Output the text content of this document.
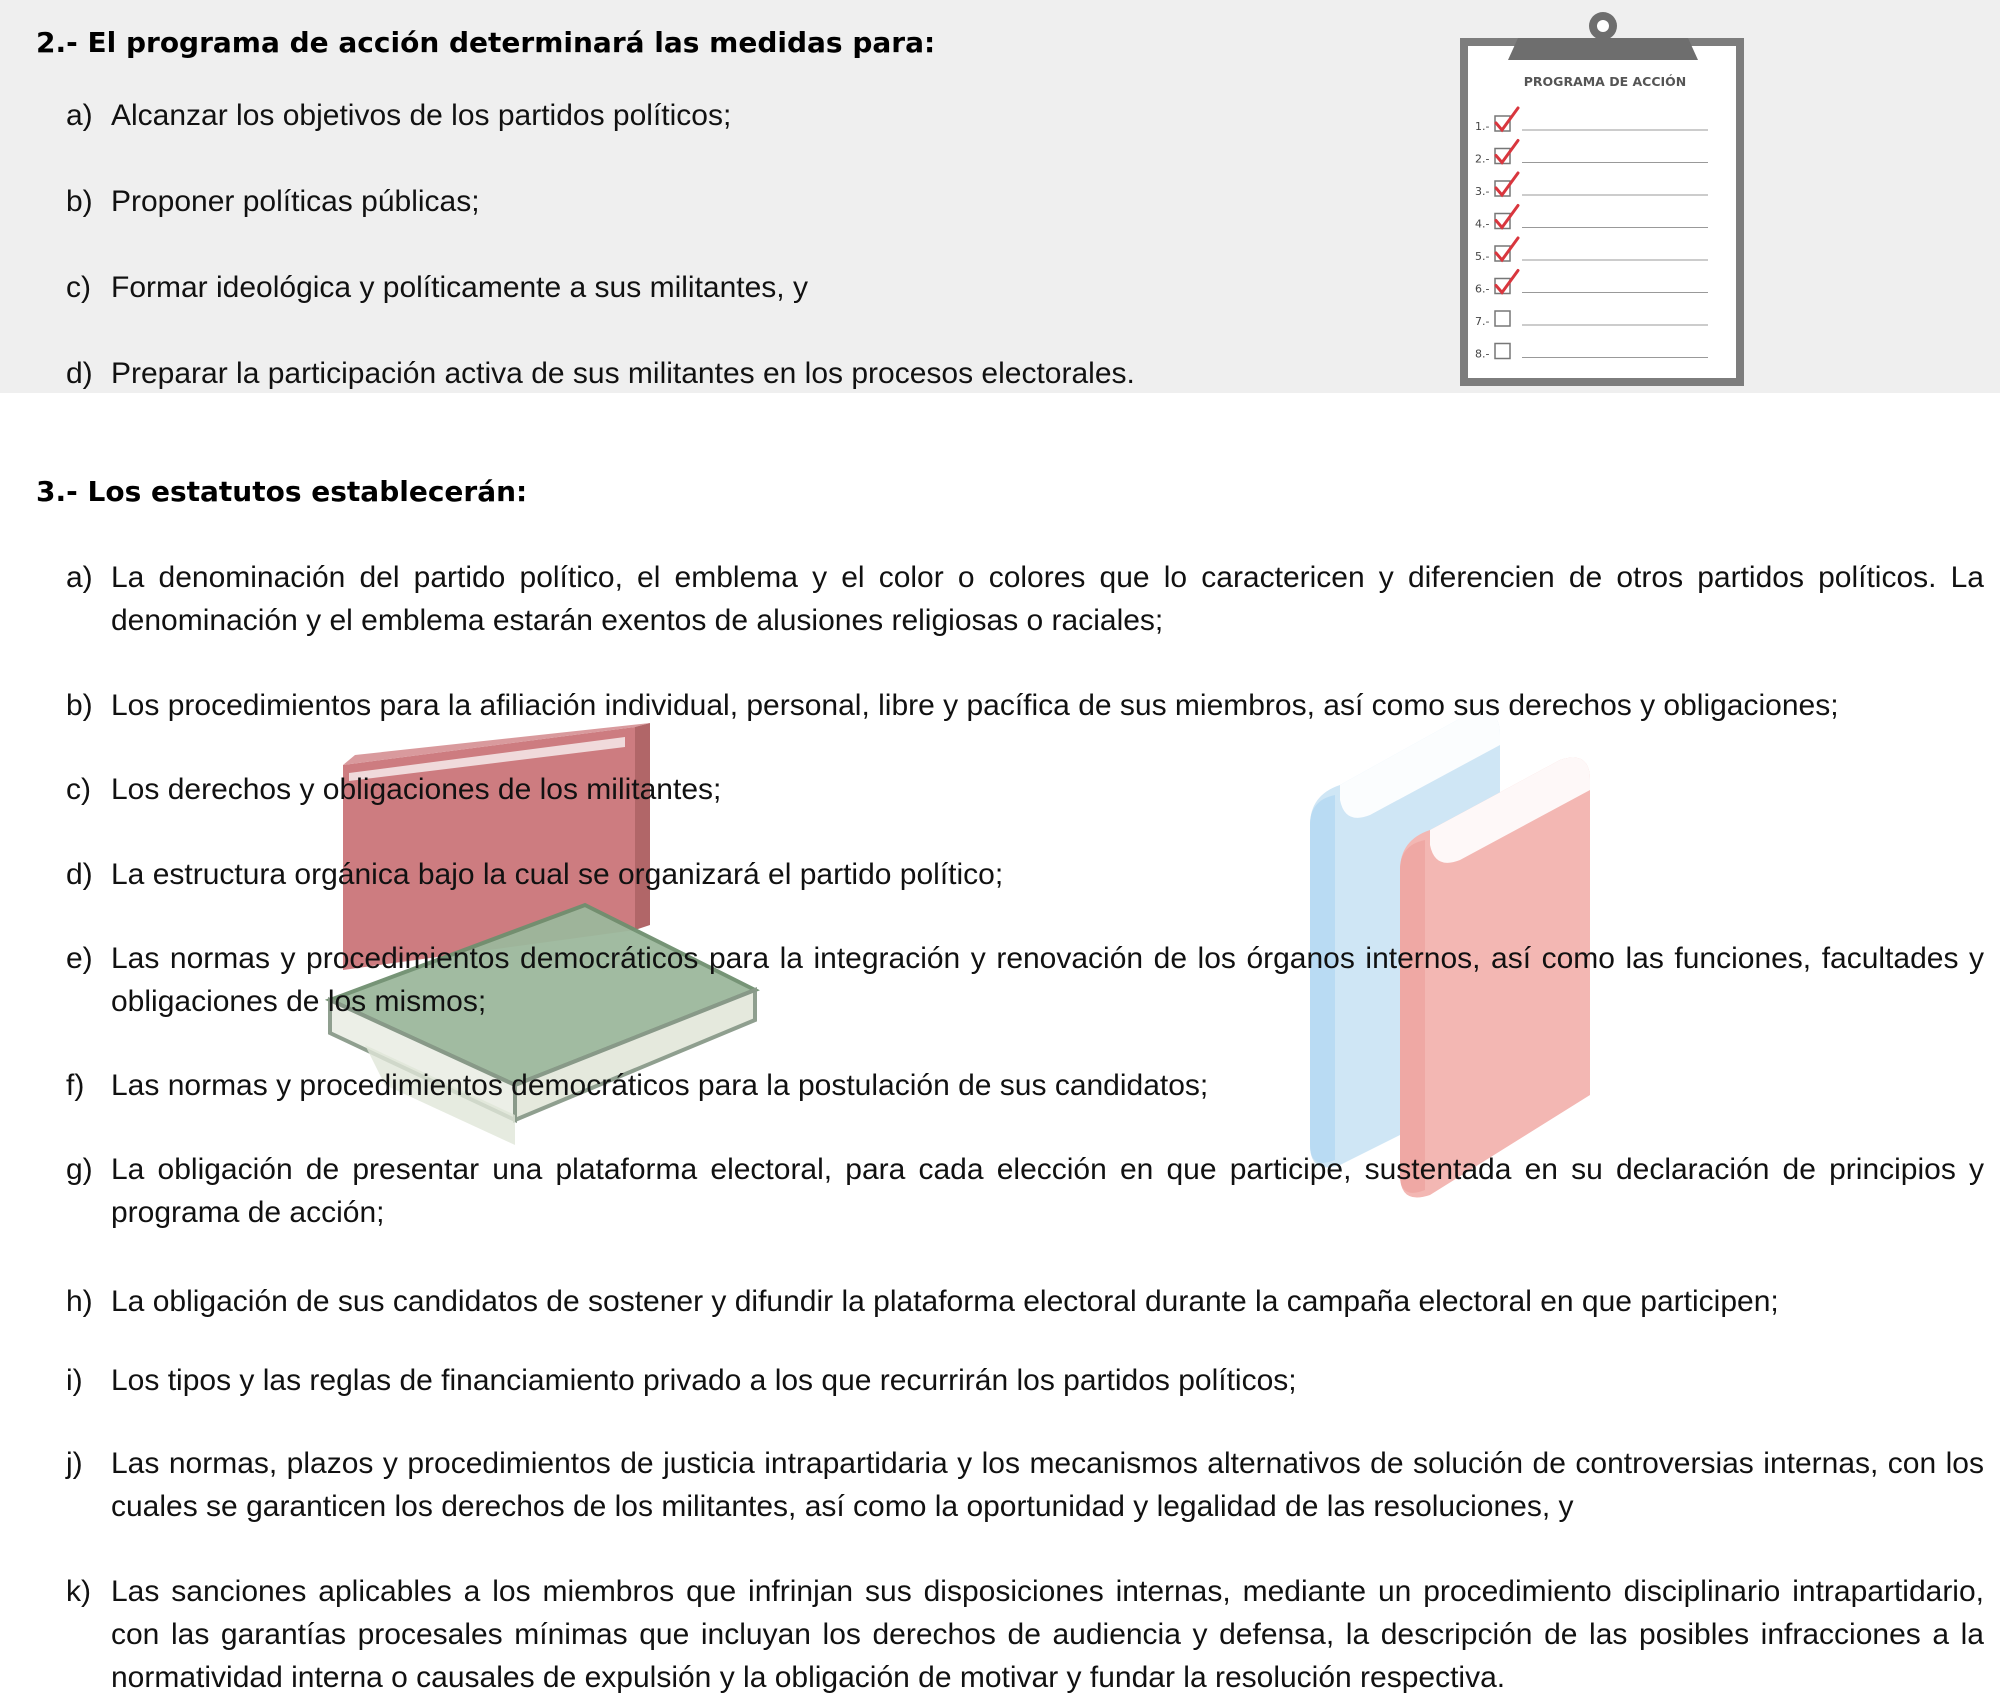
2.- El programa de acción determinará las medidas para:
a) Alcanzar los objetivos de los partidos políticos;
b) Proponer políticas públicas;
c) Formar ideológica y políticamente a sus militantes, y
d) Preparar la participación activa de sus militantes en los procesos electorales.
3.- Los estatutos establecerán:
a) La denominación del partido político, el emblema y el color o colores que lo caractericen y diferencien de otros partidos políticos. La denominación y el emblema estarán exentos de alusiones religiosas o raciales;
b) Los procedimientos para la afiliación individual, personal, libre y pacífica de sus miembros, así como sus derechos y obligaciones;
c) Los derechos y obligaciones de los militantes;
d) La estructura orgánica bajo la cual se organizará el partido político;
e) Las normas y procedimientos democráticos para la integración y renovación de los órganos internos, así como las funciones, facultades y obligaciones de los mismos;
f) Las normas y procedimientos democráticos para la postulación de sus candidatos;
g) La obligación de presentar una plataforma electoral, para cada elección en que participe, sustentada en su declaración de principios y programa de acción;
h) La obligación de sus candidatos de sostener y difundir la plataforma electoral durante la campaña electoral en que participen;
i) Los tipos y las reglas de financiamiento privado a los que recurrirán los partidos políticos;
j) Las normas, plazos y procedimientos de justicia intrapartidaria y los mecanismos alternativos de solución de controversias internas, con los cuales se garanticen los derechos de los militantes, así como la oportunidad y legalidad de las resoluciones, y
k) Las sanciones aplicables a los miembros que infrinjan sus disposiciones internas, mediante un procedimiento disciplinario intrapartidario, con las garantías procesales mínimas que incluyan los derechos de audiencia y defensa, la descripción de las posibles infracciones a la normatividad interna o causales de expulsión y la obligación de motivar y fundar la resolución respectiva.
PROGRAMA DE ACCIÓN
1.-
2.-
3.-
4.-
5.-
6.-
7.-
8.-
